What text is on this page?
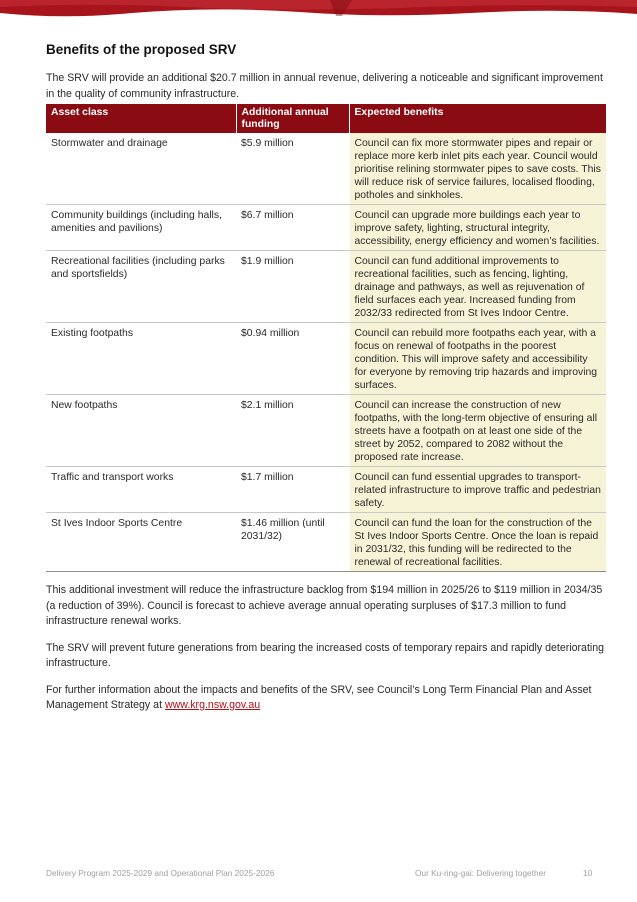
Benefits of the proposed SRV

The SRV will provide an additional $20.7 million in annual revenue, delivering a noticeable and significant improvement in the quality of community infrastructure.

Asset class	Additional annual funding	Expected benefits
Stormwater and drainage	$5.9 million	Council can fix more stormwater pipes and repair or replace more kerb inlet pits each year. Council would prioritise relining stormwater pipes to save costs. This will reduce risk of service failures, localised flooding, potholes and sinkholes.
Community buildings (including halls, amenities and pavilions)	$6.7 million	Council can upgrade more buildings each year to improve safety, lighting, structural integrity, accessibility, energy efficiency and women’s facilities.
Recreational facilities (including parks and sportsfields)	$1.9 million	Council can fund additional improvements to recreational facilities, such as fencing, lighting, drainage and pathways, as well as rejuvenation of field surfaces each year. Increased funding from 2032/33 redirected from St Ives Indoor Centre.
Existing footpaths	$0.94 million	Council can rebuild more footpaths each year, with a focus on renewal of footpaths in the poorest condition. This will improve safety and accessibility for everyone by removing trip hazards and improving surfaces.
New footpaths	$2.1 million	Council can increase the construction of new footpaths, with the long-term objective of ensuring all streets have a footpath on at least one side of the street by 2052, compared to 2082 without the proposed rate increase.
Traffic and transport works	$1.7 million	Council can fund essential upgrades to transport-related infrastructure to improve traffic and pedestrian safety.
St Ives Indoor Sports Centre	$1.46 million (until 2031/32)	Council can fund the loan for the construction of the St Ives Indoor Sports Centre. Once the loan is repaid in 2031/32, this funding will be redirected to the renewal of recreational facilities.

This additional investment will reduce the infrastructure backlog from $194 million in 2025/26 to $119 million in 2034/35 (a reduction of 39%). Council is forecast to achieve average annual operating surpluses of $17.3 million to fund infrastructure renewal works.

The SRV will prevent future generations from bearing the increased costs of temporary repairs and rapidly deteriorating infrastructure.

For further information about the impacts and benefits of the SRV, see Council’s Long Term Financial Plan and Asset Management Strategy at www.krg.nsw.gov.au

Delivery Program 2025-2029 and Operational Plan 2025-2026	Our Ku-ring-gai: Delivering together	10
